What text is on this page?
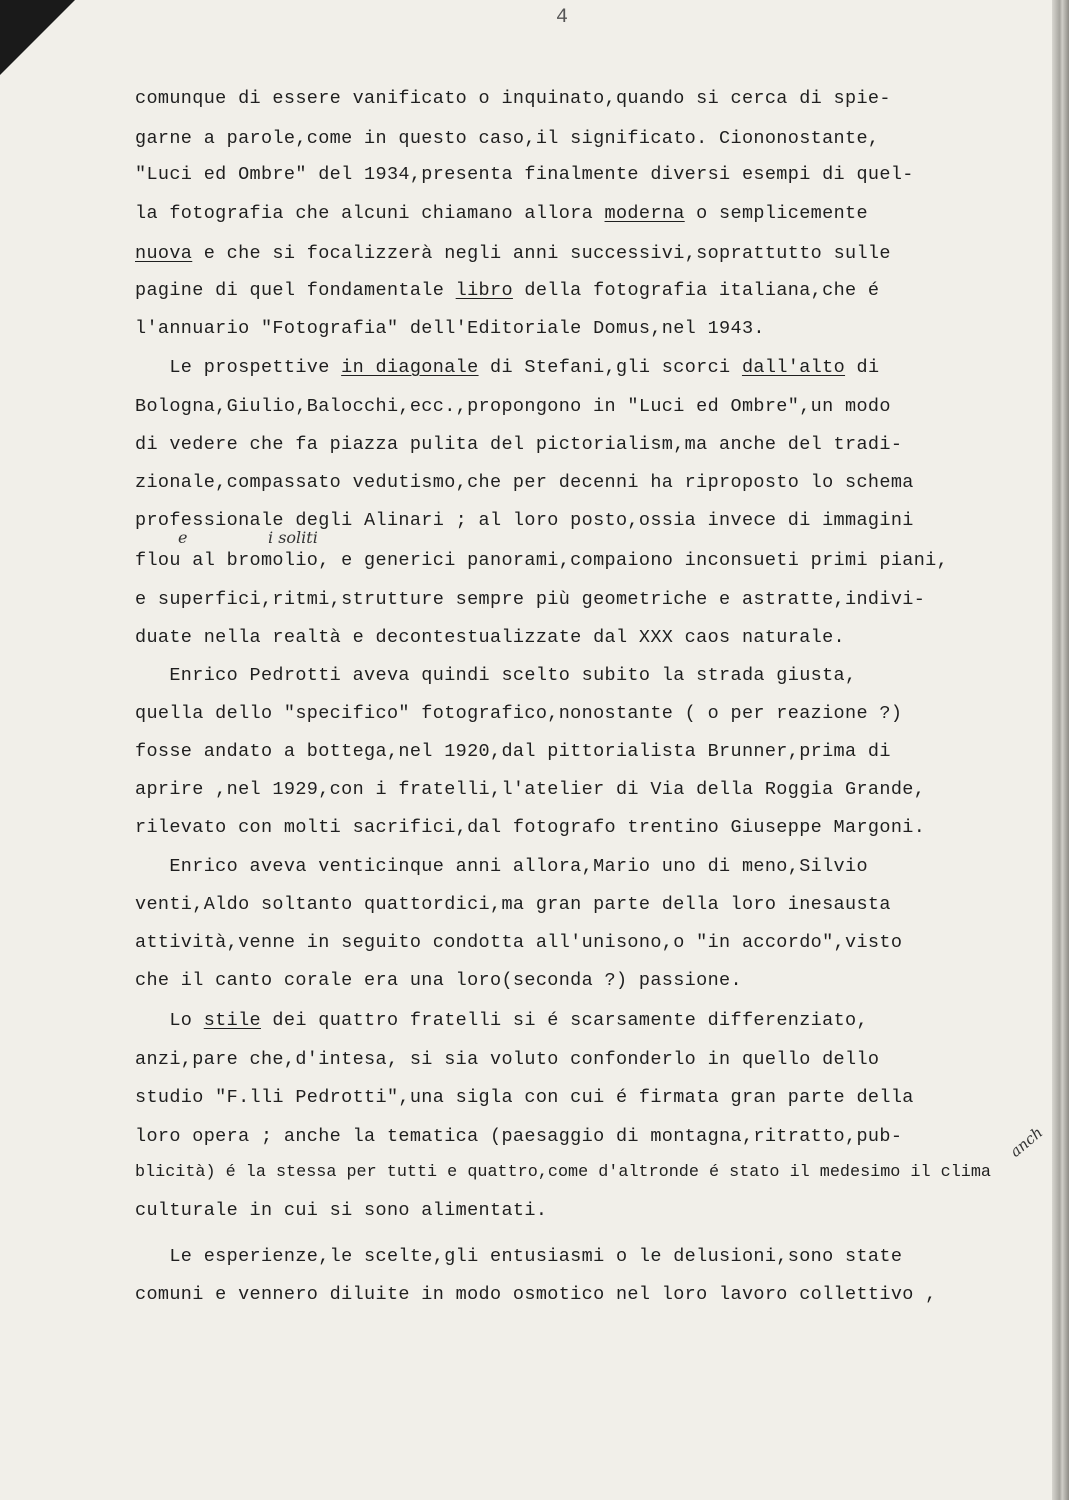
4
comunque di essere vanificato o inquinato,quando si cerca di spie-
garne a parole,come in questo caso,il significato. Ciononostante,
"Luci ed Ombre" del 1934,presenta finalmente diversi esempi di quel-
la fotografia che alcuni chiamano allora moderna o semplicemente
nuova e che si focalizzerà negli anni successivi,soprattutto sulle
pagine di quel fondamentale libro della fotografia italiana,che é
l'annuario "Fotografia" dell'Editoriale Domus,nel 1943.
Le prospettive in diagonale di Stefani,gli scorci dall'alto di
Bologna,Giulio,Balocchi,ecc.,propongono in "Luci ed Ombre",un modo
di vedere che fa piazza pulita del pictorialism,ma anche del tradi-
zionale,compassato vedutismo,che per decenni ha riproposto lo schema
professionale degli Alinari ; al loro posto,ossia invece di immagini
e	i soliti
flou al bromolio, e generici panorami,compaiono inconsueti primi piani,
e superfici,ritmi,strutture sempre più geometriche e astratte,indivi-
duate nella realtà e decontestualizzate dal XXX caos naturale.
Enrico Pedrotti aveva quindi scelto subito la strada giusta,
quella dello "specifico" fotografico,nonostante ( o per reazione ?)
fosse andato a bottega,nel 1920,dal pittorialista Brunner,prima di
aprire ,nel 1929,con i fratelli,l'atelier di Via della Roggia Grande,
rilevato con molti sacrifici,dal fotografo trentino Giuseppe Margoni.
Enrico aveva venticinque anni allora,Mario uno di meno,Silvio
venti,Aldo soltanto quattordici,ma gran parte della loro inesausta
attività,venne in seguito condotta all'unisono,o "in accordo",visto
che il canto corale era una loro(seconda ?) passione.
Lo stile dei quattro fratelli si é scarsamente differenziato,
anzi,pare che,d'intesa, si sia voluto confonderlo in quello dello
studio "F.lli Pedrotti",una sigla con cui é firmata gran parte della
loro opera ; anche la tematica (paesaggio di montagna,ritratto,pub-
blicità) é la stessa per tutti e quattro,come d'altronde é stato il medesimo il clima
anch
culturale in cui si sono alimentati.
Le esperienze,le scelte,gli entusiasmi o le delusioni,sono state
comuni e vennero diluite in modo osmotico nel loro lavoro collettivo ,
